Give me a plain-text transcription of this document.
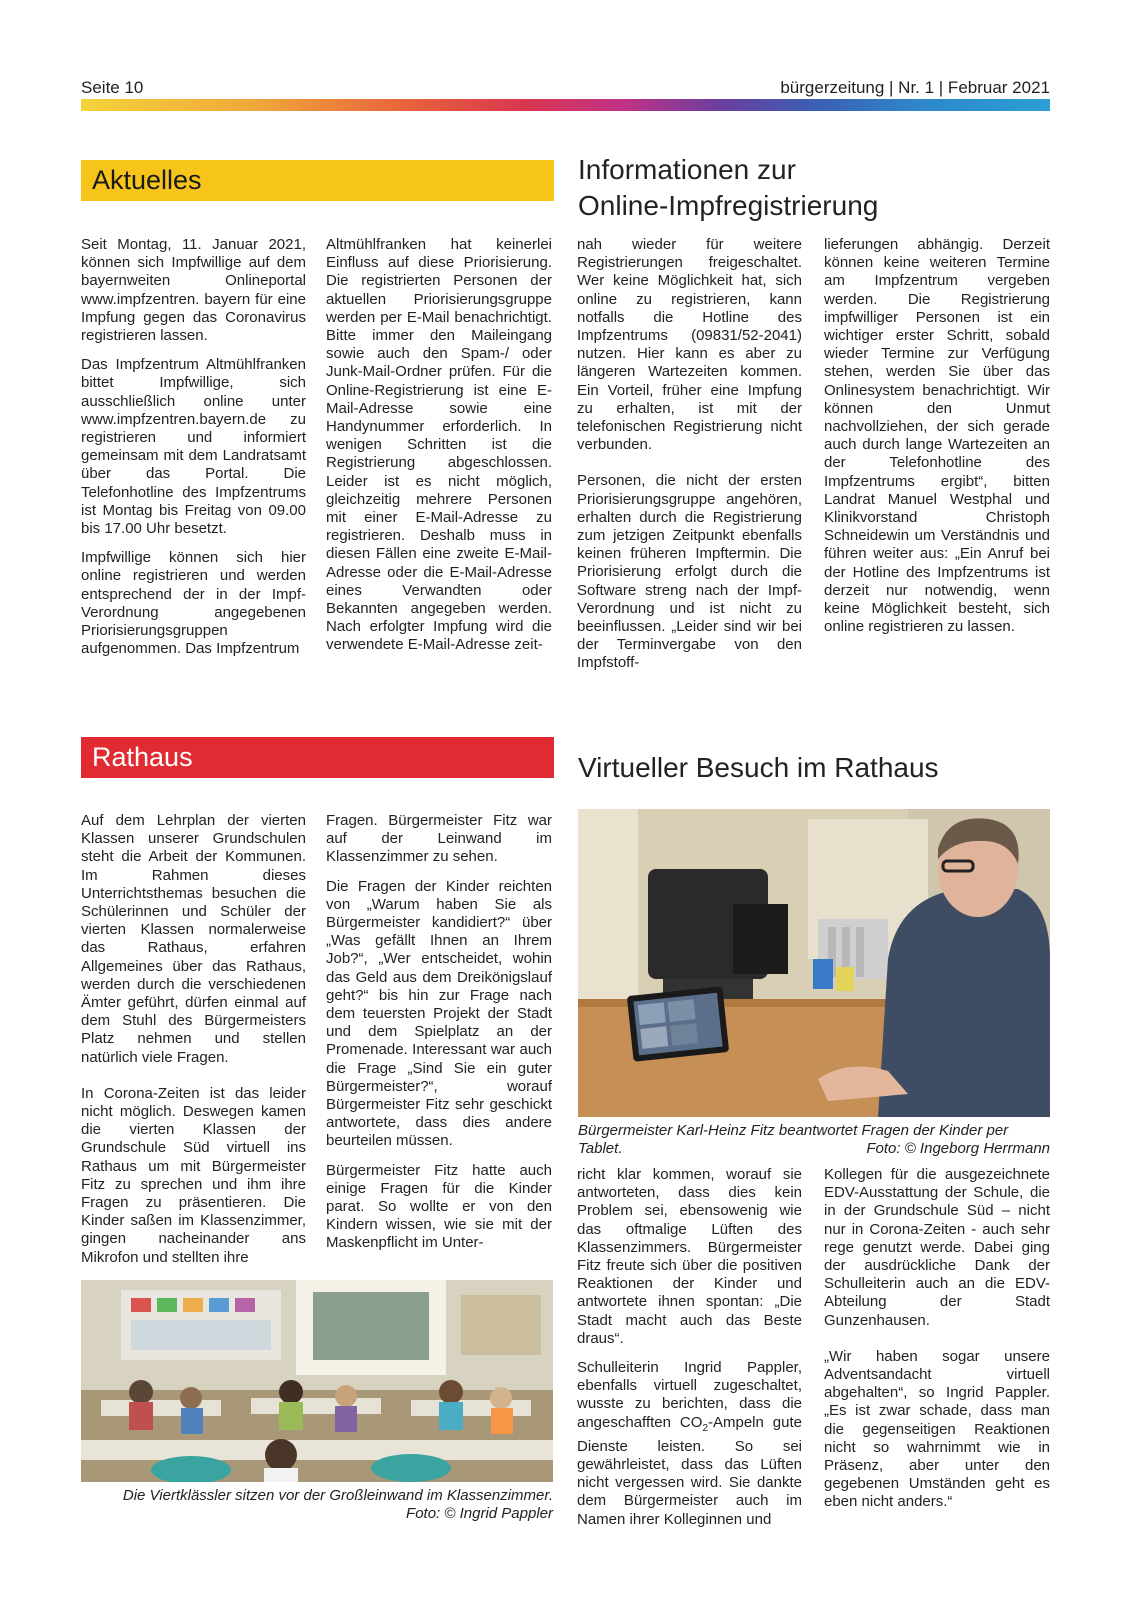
Seite 10	bürgerzeitung | Nr. 1 | Februar 2021
Aktuelles	Informationen zur
Online-Impfregistrierung

Seit Montag, 11. Januar 2021, können sich Impfwillige auf dem bayernweiten Onlineportal www.impfzentren. bayern für eine Impfung gegen das Coronavirus registrieren lassen.

Das Impfzentrum Altmühlfranken bittet Impfwillige, sich ausschließlich online unter www.impfzentren.bayern.de zu registrieren und informiert gemeinsam mit dem Landratsamt über das Portal. Die Telefonhotline des Impfzentrums ist Montag bis Freitag von 09.00 bis 17.00 Uhr besetzt.

Impfwillige können sich hier online registrieren und werden entsprechend der in der Impf-Verordnung angegebenen Priorisierungsgruppen aufgenommen. Das Impfzentrum

Altmühlfranken hat keinerlei Einfluss auf diese Priorisierung. Die registrierten Personen der aktuellen Priorisierungsgruppe werden per E-Mail benachrichtigt. Bitte immer den Maileingang sowie auch den Spam-/ oder Junk-Mail-Ordner prüfen. Für die Online-Registrierung ist eine E-Mail-Adresse sowie eine Handynummer erforderlich. In wenigen Schritten ist die Registrierung abgeschlossen. Leider ist es nicht möglich, gleichzeitig mehrere Personen mit einer E-Mail-Adresse zu registrieren. Deshalb muss in diesen Fällen eine zweite E-Mail-Adresse oder die E-Mail-Adresse eines Verwandten oder Bekannten angegeben werden. Nach erfolgter Impfung wird die verwendete E-Mail-Adresse zeit-

nah wieder für weitere Registrierungen freigeschaltet. Wer keine Möglichkeit hat, sich online zu registrieren, kann notfalls die Hotline des Impfzentrums (09831/52-2041) nutzen. Hier kann es aber zu längeren Wartezeiten kommen. Ein Vorteil, früher eine Impfung zu erhalten, ist mit der telefonischen Registrierung nicht verbunden.

Personen, die nicht der ersten Priorisierungsgruppe angehören, erhalten durch die Registrierung zum jetzigen Zeitpunkt ebenfalls keinen früheren Impftermin. Die Priorisierung erfolgt durch die Software streng nach der Impf-Verordnung und ist nicht zu beeinflussen. „Leider sind wir bei der Terminvergabe von den Impfstoff-

lieferungen abhängig. Derzeit können keine weiteren Termine am Impfzentrum vergeben werden. Die Registrierung impfwilliger Personen ist ein wichtiger erster Schritt, sobald wieder Termine zur Verfügung stehen, werden Sie über das Onlinesystem benachrichtigt. Wir können den Unmut nachvollziehen, der sich gerade auch durch lange Wartezeiten an der Telefonhotline des Impfzentrums ergibt“, bitten Landrat Manuel Westphal und Klinikvorstand Christoph Schneidewin um Verständnis und führen weiter aus: „Ein Anruf bei der Hotline des Impfzentrums ist derzeit nur notwendig, wenn keine Möglichkeit besteht, sich online registrieren zu lassen.

Rathaus	Virtueller Besuch im Rathaus

Auf dem Lehrplan der vierten Klassen unserer Grundschulen steht die Arbeit der Kommunen. Im Rahmen dieses Unterrichtsthemas besuchen die Schülerinnen und Schüler der vierten Klassen normalerweise das Rathaus, erfahren Allgemeines über das Rathaus, werden durch die verschiedenen Ämter geführt, dürfen einmal auf dem Stuhl des Bürgermeisters Platz nehmen und stellen natürlich viele Fragen.

In Corona-Zeiten ist das leider nicht möglich. Deswegen kamen die vierten Klassen der Grundschule Süd virtuell ins Rathaus um mit Bürgermeister Fitz zu sprechen und ihm ihre Fragen zu präsentieren. Die Kinder saßen im Klassenzimmer, gingen nacheinander ans Mikrofon und stellten ihre

Fragen. Bürgermeister Fitz war auf der Leinwand im Klassenzimmer zu sehen.

Die Fragen der Kinder reichten von „Warum haben Sie als Bürgermeister kandidiert?“ über „Was gefällt Ihnen an Ihrem Job?“, „Wer entscheidet, wohin das Geld aus dem Dreikönigslauf geht?“ bis hin zur Frage nach dem teuersten Projekt der Stadt und dem Spielplatz an der Promenade. Interessant war auch die Frage „Sind Sie ein guter Bürgermeister?“, worauf Bürgermeister Fitz sehr geschickt antwortete, dass dies andere beurteilen müssen.

Bürgermeister Fitz hatte auch einige Fragen für die Kinder parat. So wollte er von den Kindern wissen, wie sie mit der Maskenpflicht im Unter-

Bürgermeister Karl-Heinz Fitz beantwortet Fragen der Kinder per
Tablet.	Foto: © Ingeborg Herrmann

richt klar kommen, worauf sie antworteten, dass dies kein Problem sei, ebensowenig wie das oftmalige Lüften des Klassenzimmers. Bürgermeister Fitz freute sich über die positiven Reaktionen der Kinder und antwortete ihnen spontan: „Die Stadt macht auch das Beste draus“.

Schulleiterin Ingrid Pappler, ebenfalls virtuell zugeschaltet, wusste zu berichten, dass die angeschafften $CO_2$-Ampeln gute Dienste leisten. So sei gewährleistet, dass das Lüften nicht vergessen wird. Sie dankte dem Bürgermeister auch im Namen ihrer Kolleginnen und

Kollegen für die ausgezeichnete EDV-Ausstattung der Schule, die in der Grundschule Süd – nicht nur in Corona-Zeiten - auch sehr rege genutzt werde. Dabei ging der ausdrückliche Dank der Schulleiterin auch an die EDV-Abteilung der Stadt Gunzenhausen.

„Wir haben sogar unsere Adventsandacht virtuell abgehalten“, so Ingrid Pappler. „Es ist zwar schade, dass man die gegenseitigen Reaktionen nicht so wahrnimmt wie in Präsenz, aber unter den gegebenen Umständen geht es eben nicht anders.“

Die Viertklässler sitzen vor der Großleinwand im Klassenzimmer.
Foto: © Ingrid Pappler
